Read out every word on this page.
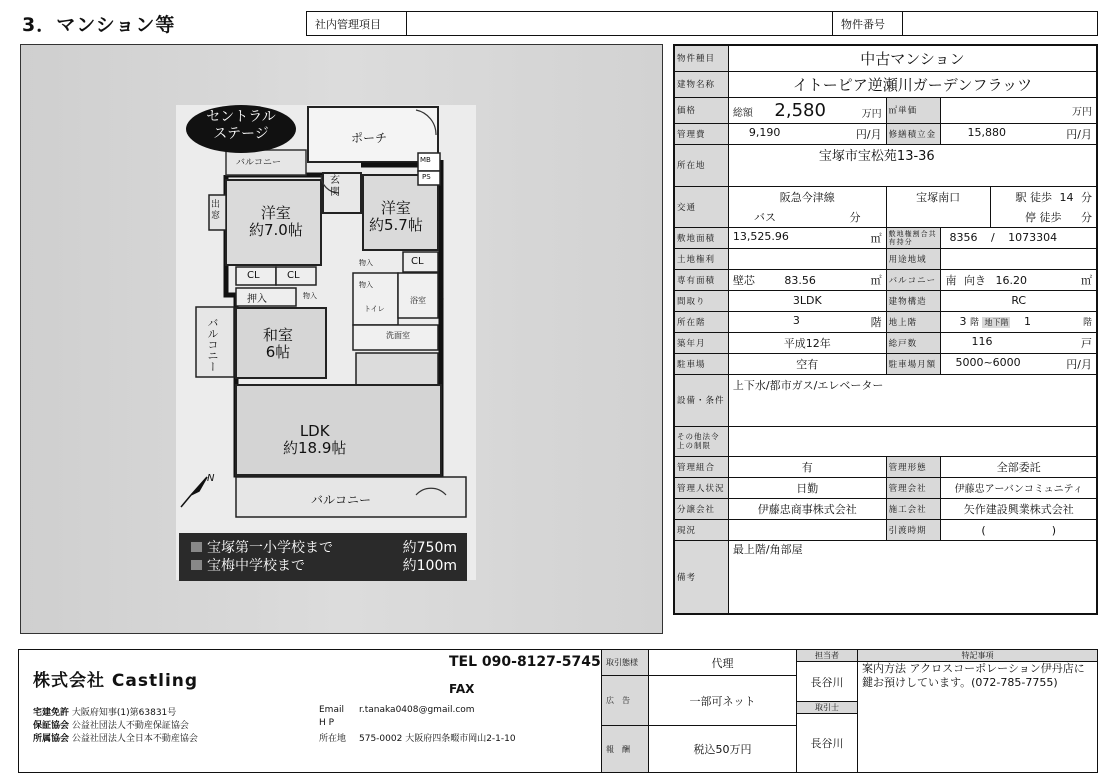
3．マンション等	社内管理項目	物件番号
セントラル
ステージ	ポーチ
バルコニー	MB
PS
玄
関
出
窓	洋室
約7.0帖
洋室
約5.7帖
CL	CL
CL
物入
物入
物入
押入
トイレ
浴室 カウンター
洗面室
バルコニー	和室
6帖
LDK
約18.9帖
バルコニー
N
宝塚第一小学校まで	約750m
宝梅中学校まで	約100m
物件種目	中古マンション			
建物名称	イトーピア逆瀬川ガーデンフラッツ			
価格	総額 2,580 万円	㎡単価	万円	
管理費	9,190 円/月	修繕積立金	15,880 円/月	

所在地	宝塚市宝松苑13-36			
交通	阪急今津線	宝塚南口		駅 徒歩 14 分
	バス 分			停 徒歩 分
敷地面積	13,525.96 ㎡	敷地権割合共有持分	8356 / 1073304	
土地権利		用途地域		
専有面積	壁芯 83.56 ㎡	バルコニー	南 向き 16.20 ㎡	

間取り	3LDK	建物構造	RC	
所在階	3 階	地上階	3 階 地下階 1 階	

築年月	平成12年	総戸数	116 戸	

駐車場	空有	駐車場月額	5000~6000 円/月	

設備・条件	上下水/都市ガス/エレベーター			
その他法令上の制限				
管理組合	有	管理形態	全部委託	
管理人状況	日勤	管理会社	伊藤忠アーバンコミュニティ	
分譲会社	伊藤忠商事株式会社	施工会社	矢作建設興業株式会社	
現況		引渡時期	(　　　　　　)	
備考	最上階/角部屋			
株式会社 Castling
宅建免許 大阪府知事(1)第63831号
保証協会 公益社団法人不動産保証協会
所属協会 公益社団法人全日本不動産協会
TEL 090-8127-5745
FAX
Email r.tanaka0408@gmail.com
H P
所在地 575-0002 大阪府四条畷市岡山2-1-10
取引態様	代理
広告	一部可ネット
報酬	税込50万円
担当者
長谷川
取引士
長谷川
特記事項

案内方法 アクロスコーポレーション伊丹店に
鍵お預けしています。(072-785-7755)
